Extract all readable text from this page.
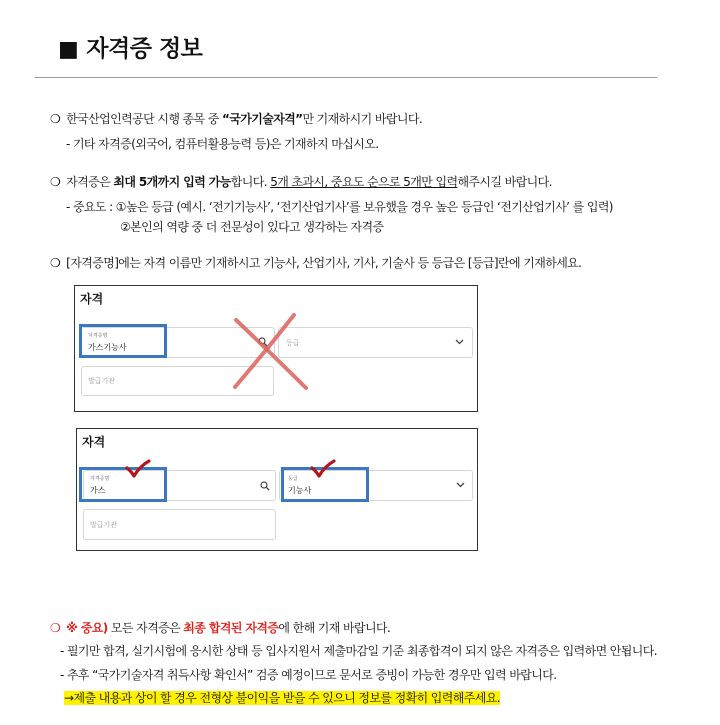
■ 자격증 정보
❍ 한국산업인력공단 시행 종목 중 “국가기술자격”만 기재하시기 바랍니다.
- 기타 자격증(외국어, 컴퓨터활용능력 등)은 기재하지 마십시오.
❍ 자격증은 최대 5개까지 입력 가능합니다. 5개 초과시, 중요도 순으로 5개만 입력해주시길 바랍니다.
- 중요도 : ①높은 등급 (예시. ‘전기기능사’, ‘전기산업기사’를 보유했을 경우 높은 등급인 ‘전기산업기사’ 를 입력)
②본인의 역량 중 더 전문성이 있다고 생각하는 자격증
❍ [자격증명]에는 자격 이름만 기재하시고 기능사, 산업기사, 기사, 기술사 등 등급은 [등급]란에 기재하세요.
자격
자격증명
가스기능사	등급
발급기관
자격
자격증명
가스
등급
기능사
발급기관
❍ ※ 중요) 모든 자격증은 최종 합격된 자격증에 한해 기재 바랍니다.
- 필기만 합격, 실기시험에 응시한 상태 등 입사지원서 제출마감일 기준 최종합격이 되지 않은 자격증은 입력하면 안됩니다.
- 추후 “국가기술자격 취득사항 확인서” 검증 예정이므로 문서로 증빙이 가능한 경우만 입력 바랍니다.
→제출 내용과 상이 할 경우 전형상 불이익을 받을 수 있으니 정보를 정확히 입력해주세요.
